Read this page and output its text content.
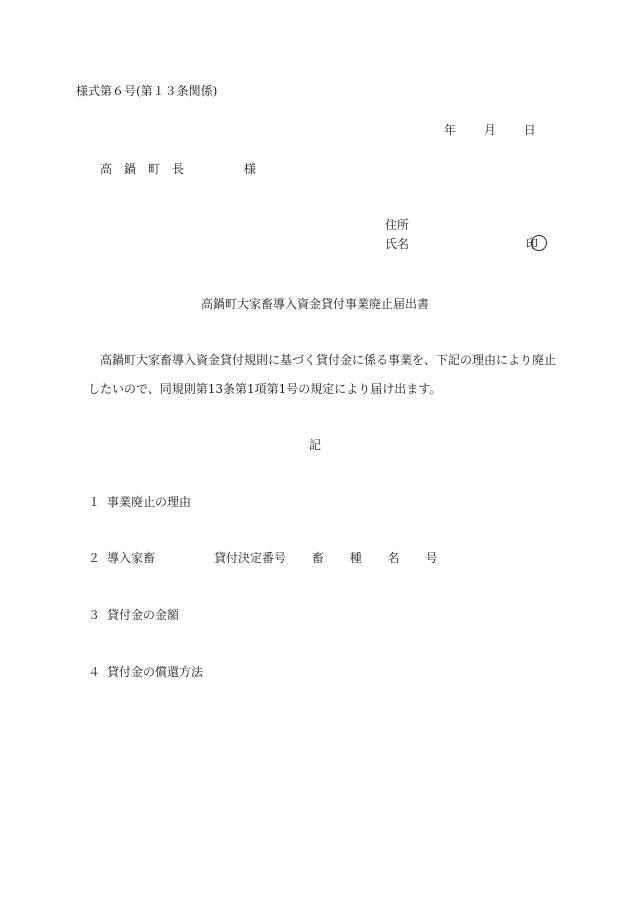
様式第６号(第１３条関係)
年 月 日
高　鍋　町　長	様
住所
氏名	印
高鍋町大家畜導入資金貸付事業廃止届出書
高鍋町大家畜導入資金貸付規則に基づく貸付金に係る事業を、下記の理由により廃止
したいので、同規則第13条第1項第1号の規定により届け出ます。
記
１ 事業廃止の理由
２ 導入家畜	貸付決定番号 畜 種 名 号
３ 貸付金の金額
４ 貸付金の償還方法
